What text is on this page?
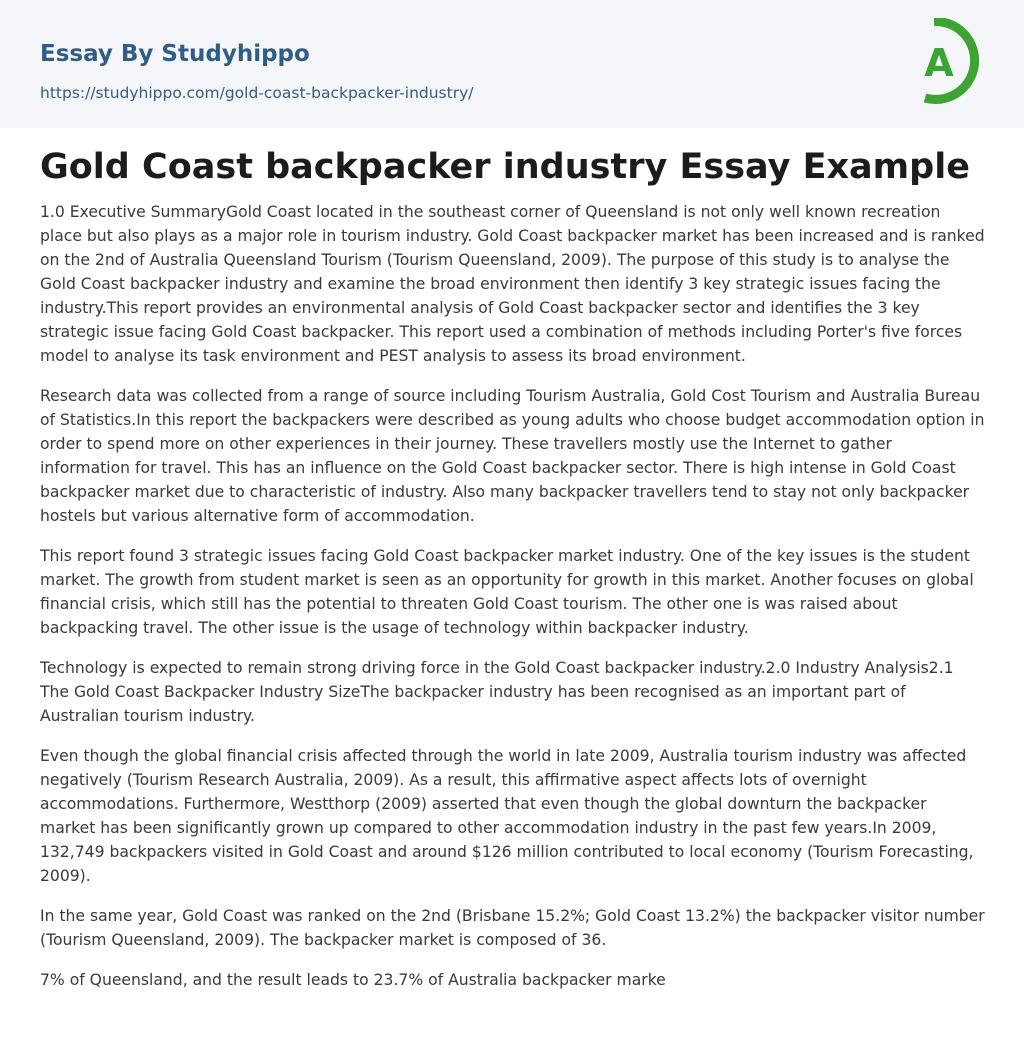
Essay By Studyhippo
https://studyhippo.com/gold-coast-backpacker-industry/
A
Gold Coast backpacker industry Essay Example

1.0 Executive SummaryGold Coast located in the southeast corner of Queensland is not only well known recreation place but also plays as a major role in tourism industry. Gold Coast backpacker market has been increased and is ranked on the 2nd of Australia Queensland Tourism (Tourism Queensland, 2009). The purpose of this study is to analyse the Gold Coast backpacker industry and examine the broad environment then identify 3 key strategic issues facing the industry.This report provides an environmental analysis of Gold Coast backpacker sector and identifies the 3 key strategic issue facing Gold Coast backpacker. This report used a combination of methods including Porter's five forces model to analyse its task environment and PEST analysis to assess its broad environment.

Research data was collected from a range of source including Tourism Australia, Gold Cost Tourism and Australia Bureau of Statistics.In this report the backpackers were described as young adults who choose budget accommodation option in order to spend more on other experiences in their journey. These travellers mostly use the Internet to gather information for travel. This has an influence on the Gold Coast backpacker sector. There is high intense in Gold Coast backpacker market due to characteristic of industry. Also many backpacker travellers tend to stay not only backpacker hostels but various alternative form of accommodation.

This report found 3 strategic issues facing Gold Coast backpacker market industry. One of the key issues is the student market. The growth from student market is seen as an opportunity for growth in this market. Another focuses on global financial crisis, which still has the potential to threaten Gold Coast tourism. The other one is was raised about backpacking travel. The other issue is the usage of technology within backpacker industry.

Technology is expected to remain strong driving force in the Gold Coast backpacker industry.2.0 Industry Analysis2.1 The Gold Coast Backpacker Industry SizeThe backpacker industry has been recognised as an important part of Australian tourism industry.

Even though the global financial crisis affected through the world in late 2009, Australia tourism industry was affected negatively (Tourism Research Australia, 2009). As a result, this affirmative aspect affects lots of overnight accommodations. Furthermore, Westthorp (2009) asserted that even though the global downturn the backpacker market has been significantly grown up compared to other accommodation industry in the past few years.In 2009, 132,749 backpackers visited in Gold Coast and around $126 million contributed to local economy (Tourism Forecasting, 2009).

In the same year, Gold Coast was ranked on the 2nd (Brisbane 15.2%; Gold Coast 13.2%) the backpacker visitor number (Tourism Queensland, 2009). The backpacker market is composed of 36.

7% of Queensland, and the result leads to 23.7% of Australia backpacker marke
